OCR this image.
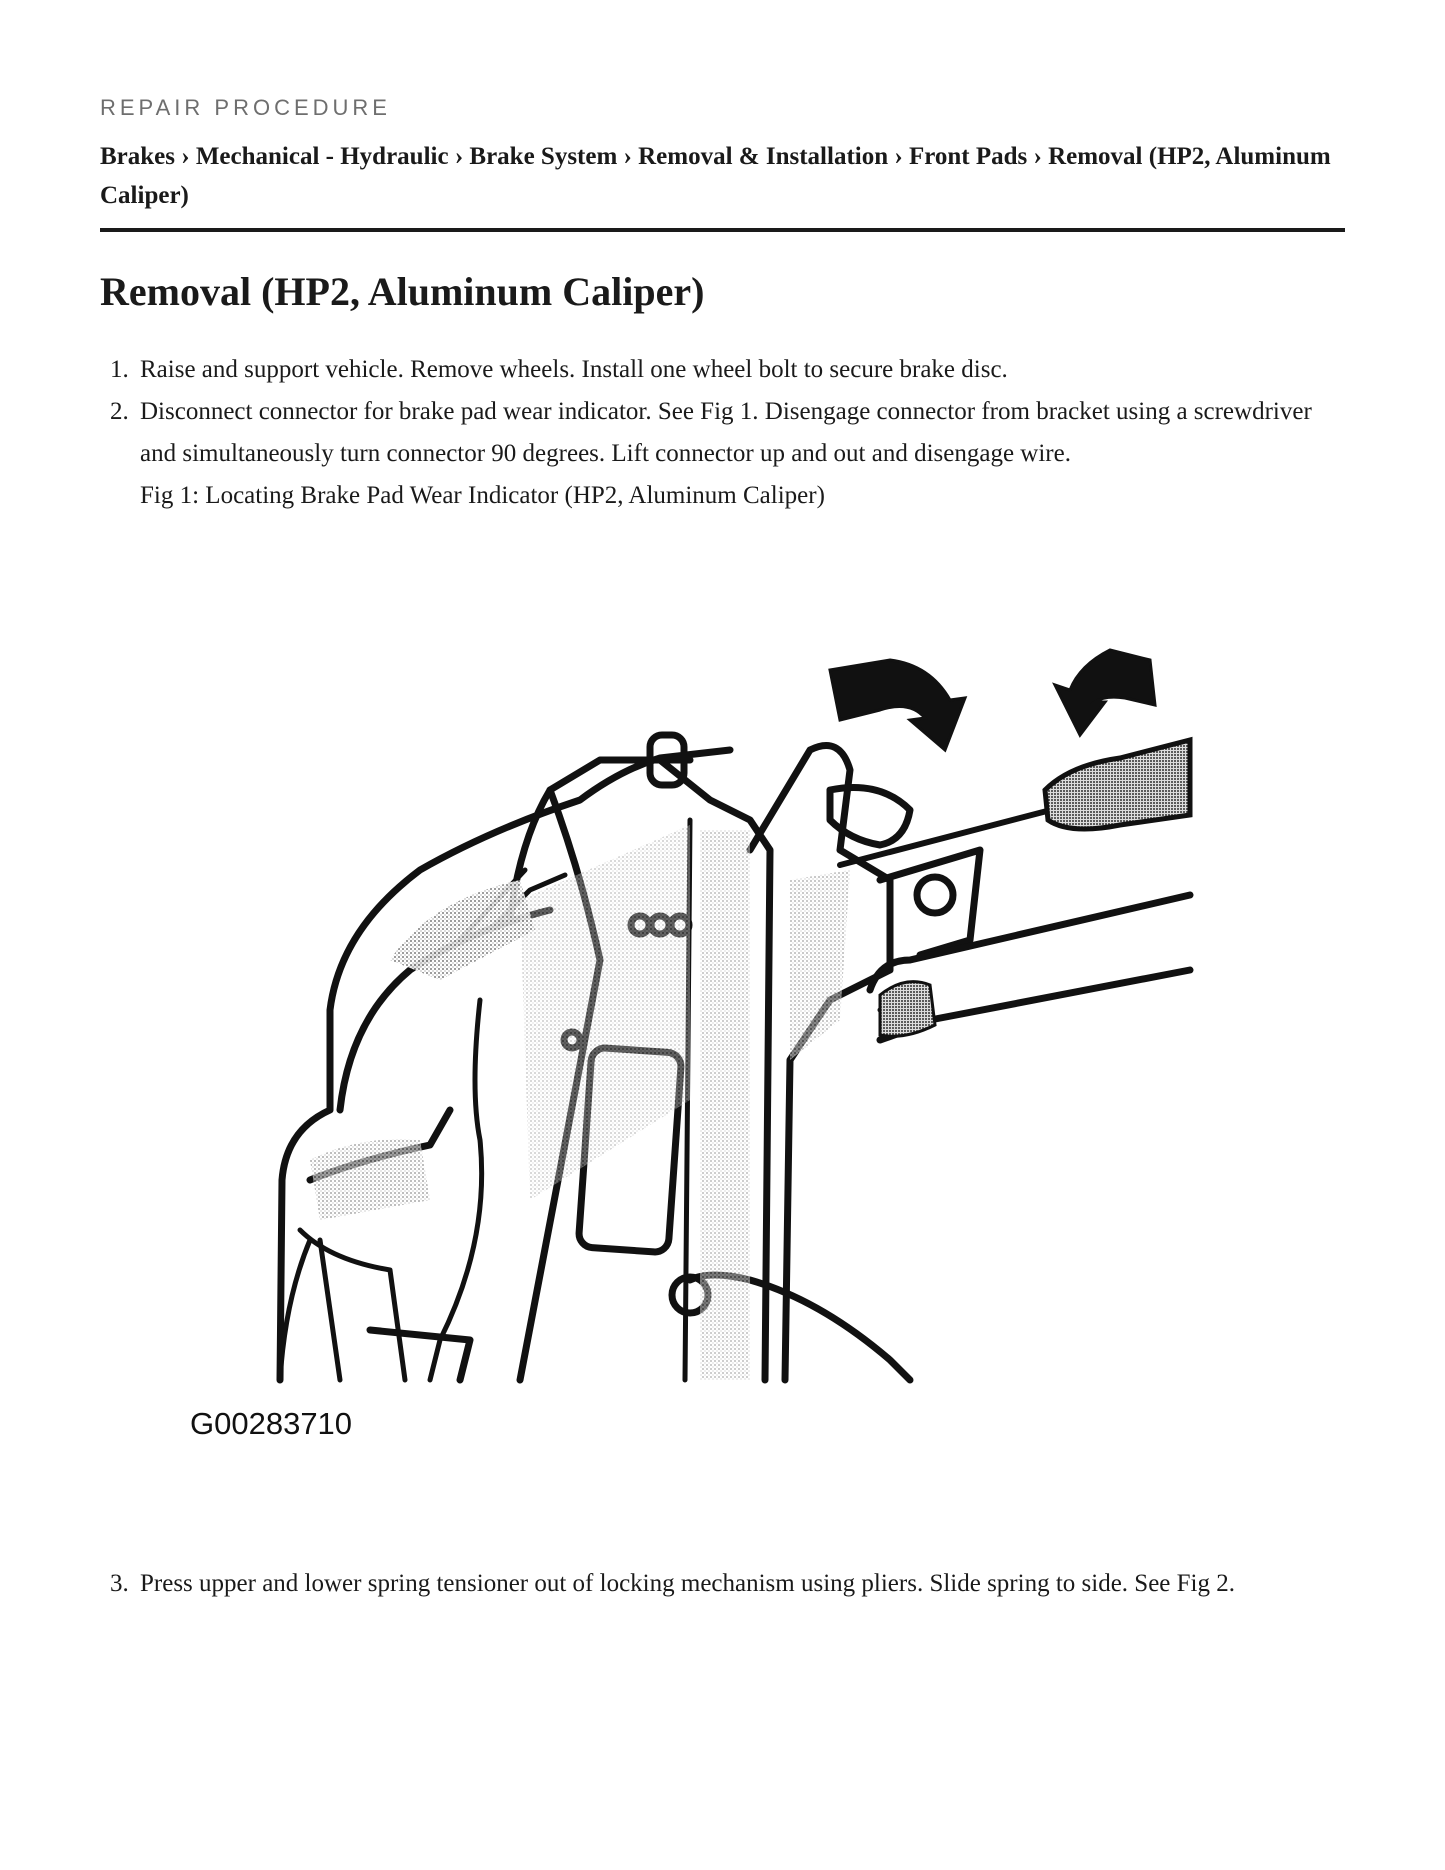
REPAIR PROCEDURE
Brakes › Mechanical - Hydraulic › Brake System › Removal & Installation › Front Pads › Removal (HP2, Aluminum Caliper)
Removal (HP2, Aluminum Caliper)
1. Raise and support vehicle. Remove wheels. Install one wheel bolt to secure brake disc.
2. Disconnect connector for brake pad wear indicator. See Fig 1. Disengage connector from bracket using a screwdriver and simultaneously turn connector 90 degrees. Lift connector up and out and disengage wire.
Fig 1: Locating Brake Pad Wear Indicator (HP2, Aluminum Caliper)
G00283710

3. Press upper and lower spring tensioner out of locking mechanism using pliers. Slide spring to side. See Fig 2.
